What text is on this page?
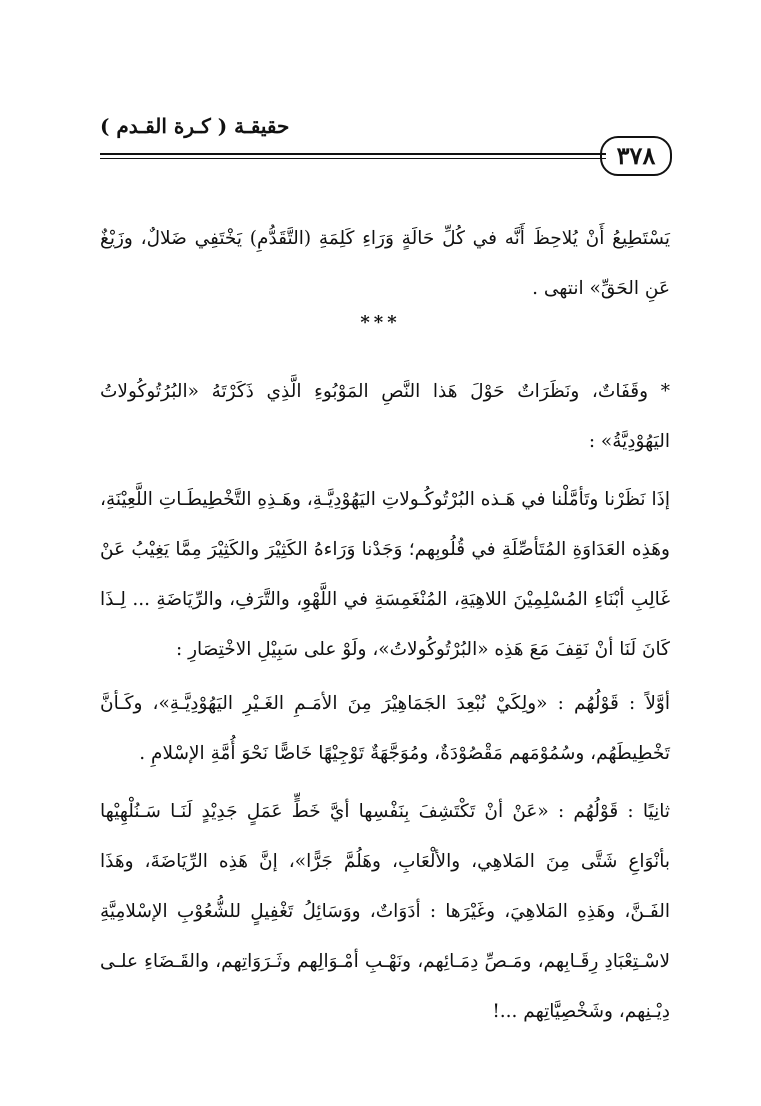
حقيقـة ( كـرة القـدم )
٣٧٨

يَسْتَطِيعُ أَنْ يُلاحِظَ أَنَّه في كُلِّ حَالَةٍ وَرَاءِ كَلِمَةِ (التَّقَدُّمِ) يَخْتَفِي ضَلالٌ، وزَيْغٌ عَنِ الحَقِّ» انتهى .

***

* وقَفَاتٌ، ونَظَرَاتٌ حَوْلَ هَذا النَّصِ المَوْبُوءِ الَّذِي ذَكَرْتَهُ «البُرُتُوكُولاتُ اليَهُوْدِيَّةُ» :

إذَا نَظَرْنا وتَأمَّلْنا في هَـذه البُرْتُوكُـولاتِ اليَهُوْدِيَّـةِ، وهَـذِهِ التَّخْطِيطَـاتِ اللَّعِيْنَةِ، وهَذِه العَدَاوَةِ المُتَأصِّلَةِ في قُلُوبِهم؛ وَجَدْنا وَرَاءهُ الكَثِيْرَ والكَثِيْرَ مِمَّا يَغِيْبُ عَنْ غَالِبِ أبْنَاءِ المُسْلِمِيْنَ اللاهِيَةِ، المُنْغَمِسَةِ في اللَّهْوِ، والتَّرَفِ، والرِّيَاضَةِ ... لِـذَا كَانَ لَنَا أنْ نَقِفَ مَعَ هَذِه «البُرْتُوكُولاتُ»، ولَوْ على سَبِيْلِ الاخْتِصَارِ :

أوَّلاً : قَوْلُهُم : «ولِكَيْ نُبْعِدَ الجَمَاهِيْرَ مِنَ الأمَـمِ الغَـيْرِ اليَهُوْدِيَّـةِ»، وكَـأنَّ تَخْطِيطَهُم، وسُمُوْمَهم مَقْصُوْدَةٌ، ومُوَجَّهَةٌ تَوْجِيْهًا خَاصًّا نَحْوَ أُمَّةِ الإسْلامِ .

ثانِيًا : قَوْلُهُم : «عَنْ أنْ تَكْتَشِفَ بِنَفْسِها أيَّ خَطٍّ عَمَلٍ جَدِيْدٍ لَنَـا سَـنُلْهِيْها بأنْوَاعِ شَتَّى مِنَ المَلاهِي، والألْعَابِ، وهَلُمَّ جَرًّا»، إنَّ هَذِه الرِّيَاضَةَ، وهَذَا الفَـنَّ، وهَذِهِ المَلاهِيَ، وغَيْرَها : أدَوَاتٌ، ووَسَائِلُ تَغْفِيلٍ للشُّعُوْبِ الإسْلامِيَّةِ لاسْـتِعْبَادِ رِقَـابِهم، ومَـصِّ دِمَـائِهم، ونَهْـبِ أمْـوَالِهم وثَـرَوَاتِهم، والقَـضَاءِ علـى دِيْـنِهم، وشَخْصِيَّاتِهم ...!
